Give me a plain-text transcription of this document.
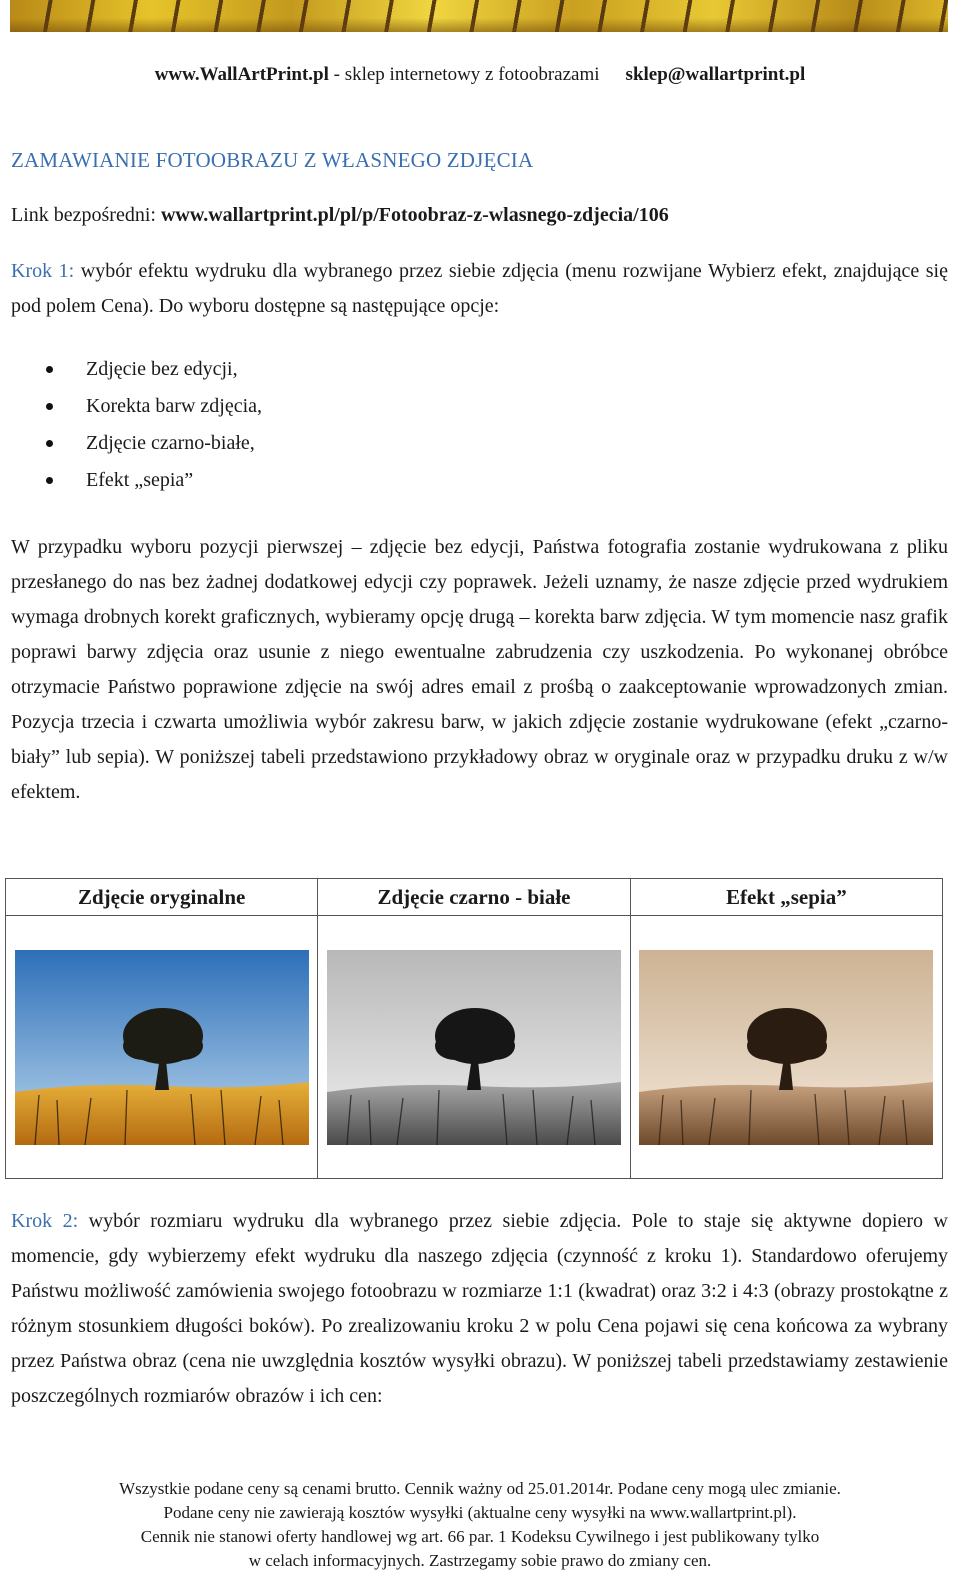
www.WallArtPrint.pl - sklep internetowy z fotoobrazami sklep@wallartprint.pl
ZAMAWIANIE FOTOOBRAZU Z WŁASNEGO ZDJĘCIA
Link bezpośredni: www.wallartprint.pl/pl/p/Fotoobraz-z-wlasnego-zdjecia/106

Krok 1: wybór efektu wydruku dla wybranego przez siebie zdjęcia (menu rozwijane Wybierz efekt, znajdujące się pod polem Cena). Do wyboru dostępne są następujące opcje:

Zdjęcie bez edycji,
Korekta barw zdjęcia,
Zdjęcie czarno-białe,
Efekt „sepia”

W przypadku wyboru pozycji pierwszej – zdjęcie bez edycji, Państwa fotografia zostanie wydrukowana z pliku przesłanego do nas bez żadnej dodatkowej edycji czy poprawek. Jeżeli uznamy, że nasze zdjęcie przed wydrukiem wymaga drobnych korekt graficznych, wybieramy opcję drugą – korekta barw zdjęcia. W tym momencie nasz grafik poprawi barwy zdjęcia oraz usunie z niego ewentualne zabrudzenia czy uszkodzenia. Po wykonanej obróbce otrzymacie Państwo poprawione zdjęcie na swój adres email z prośbą o zaakceptowanie wprowadzonych zmian. Pozycja trzecia i czwarta umożliwia wybór zakresu barw, w jakich zdjęcie zostanie wydrukowane (efekt „czarno-biały” lub sepia). W poniższej tabeli przedstawiono przykładowy obraz w oryginale oraz w przypadku druku z w/w efektem.

Zdjęcie oryginalne	Zdjęcie czarno - białe	Efekt „sepia”

Krok 2: wybór rozmiaru wydruku dla wybranego przez siebie zdjęcia. Pole to staje się aktywne dopiero w momencie, gdy wybierzemy efekt wydruku dla naszego zdjęcia (czynność z kroku 1). Standardowo oferujemy Państwu możliwość zamówienia swojego fotoobrazu w rozmiarze 1:1 (kwadrat) oraz 3:2 i 4:3 (obrazy prostokątne z różnym stosunkiem długości boków). Po zrealizowaniu kroku 2 w polu Cena pojawi się cena końcowa za wybrany przez Państwa obraz (cena nie uwzględnia kosztów wysyłki obrazu). W poniższej tabeli przedstawiamy zestawienie poszczególnych rozmiarów obrazów i ich cen:

Wszystkie podane ceny są cenami brutto. Cennik ważny od 25.01.2014r. Podane ceny mogą ulec zmianie.
Podane ceny nie zawierają kosztów wysyłki (aktualne ceny wysyłki na www.wallartprint.pl).
Cennik nie stanowi oferty handlowej wg art. 66 par. 1 Kodeksu Cywilnego i jest publikowany tylko
w celach informacyjnych. Zastrzegamy sobie prawo do zmiany cen.
